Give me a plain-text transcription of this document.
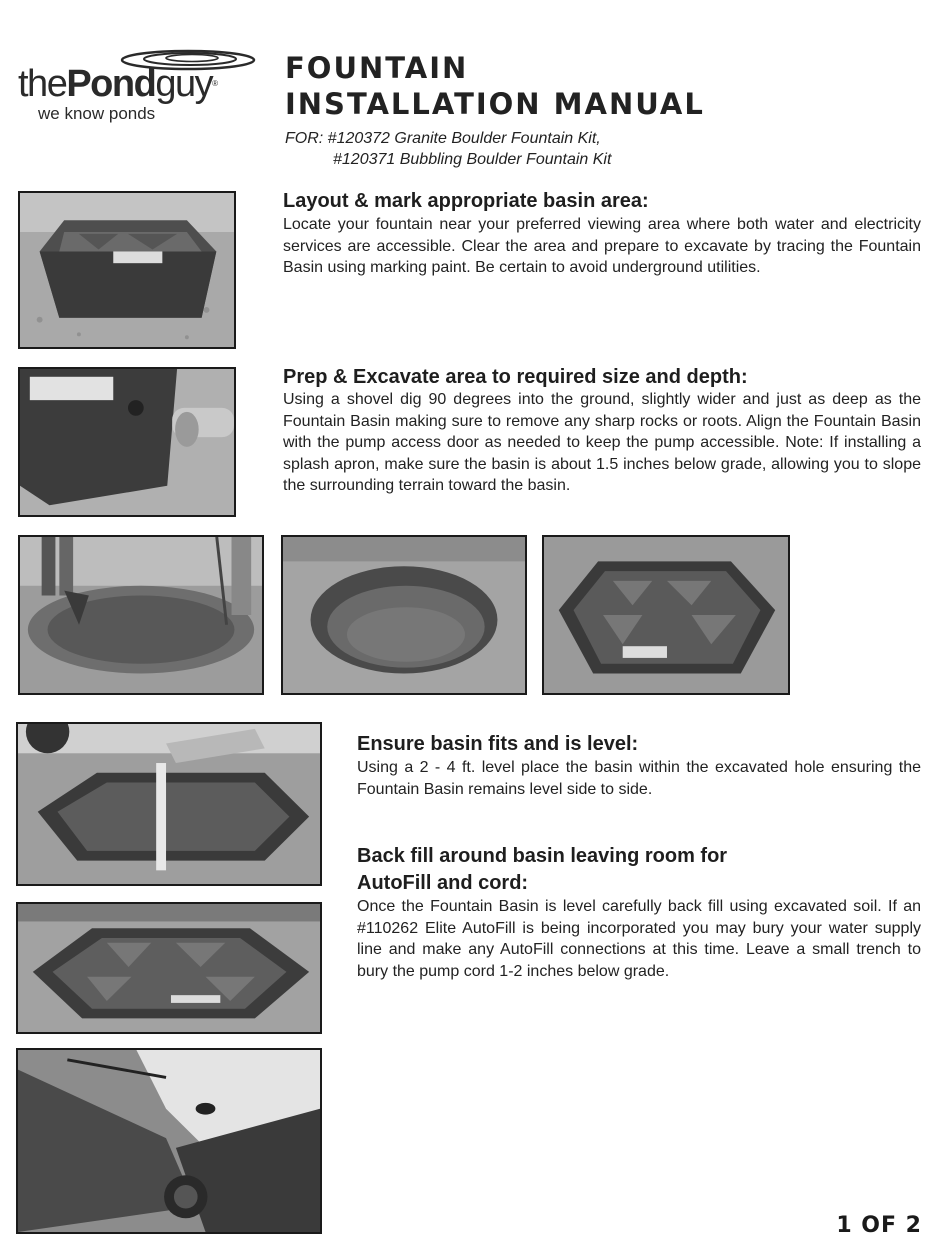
thePondguy®
we know ponds
FOUNTAIN
INSTALLATION MANUAL
FOR: #120372 Granite Boulder Fountain Kit,
#120371 Bubbling Boulder Fountain Kit
Layout & mark appropriate basin area:
Locate your fountain near your preferred viewing area where both water and electricity services are accessible. Clear the area and prepare to excavate by tracing the Fountain Basin using marking paint. Be certain to avoid underground utilities.
Prep & Excavate area to required size and depth:
Using a shovel dig 90 degrees into the ground, slightly wider and just as deep as the Fountain Basin making sure to remove any sharp rocks or roots. Align the Fountain Basin with the pump access door as needed to keep the pump accessible. Note: If installing a splash apron, make sure the basin is about 1.5 inches below grade, allowing you to slope the surrounding terrain toward the basin.
Ensure basin fits and is level:
Using a 2 - 4 ft. level place the basin within the excavated hole ensuring the Fountain Basin remains level side to side.
Back fill around basin leaving room for
AutoFill and cord:
Once the Fountain Basin is level carefully back fill using excavated soil. If an #110262 Elite AutoFill is being incorporated you may bury your water supply line and make any AutoFill connections at this time. Leave a small trench to bury the pump cord 1-2 inches below grade.
1 OF 2
